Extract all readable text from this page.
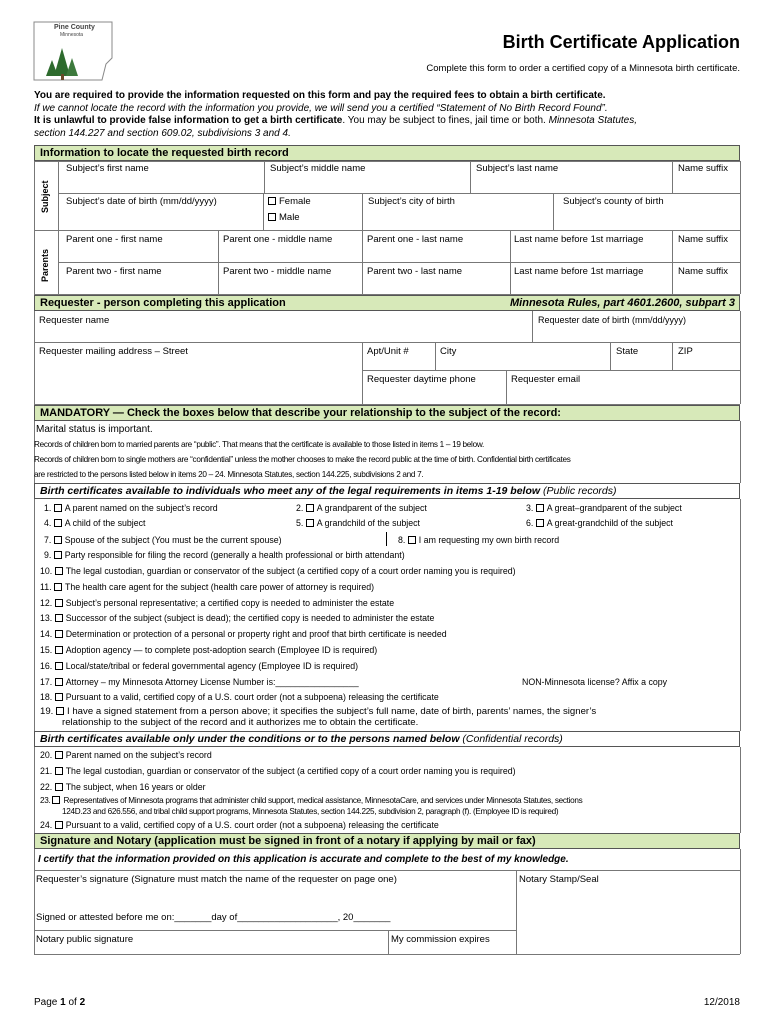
Pine County
Minnesota	Birth Certificate Application
Complete this form to order a certified copy of a Minnesota birth certificate.
You are required to provide the information requested on this form and pay the required fees to obtain a birth certificate.
If we cannot locate the record with the information you provide, we will send you a certified “Statement of No Birth Record Found”.
It is unlawful to provide false information to get a birth certificate. You may be subject to fines, jail time or both. Minnesota Statutes,
section 144.227 and section 609.02, subdivisions 3 and 4.
Information to locate the requested birth record
Subject
Parents
Subject’s first name	Subject’s middle name	Subject’s last name	Name suffix
Subject’s date of birth (mm/dd/yyyy)	Female
Male
Subject’s city of birth	Subject’s county of birth
Parent one - first name	Parent one - middle name	Parent one - last name	Last name before 1st marriage	Name suffix
Parent two - first name	Parent two - middle name	Parent two - last name	Last name before 1st marriage	Name suffix
Requester - person completing this application	Minnesota Rules, part 4601.2600, subpart 3
Requester name	Requester date of birth (mm/dd/yyyy)
Requester mailing address – Street	Apt/Unit #	City	State	ZIP
Requester daytime phone	Requester email
MANDATORY — Check the boxes below that describe your relationship to the subject of the record:
Marital status is important.
Records of children born to married parents are “public”. That means that the certificate is available to those listed in items 1 – 19 below.
Records of children born to single mothers are “confidential” unless the mother chooses to make the record public at the time of birth. Confidential birth certificates
are restricted to the persons listed below in items 20 – 24. Minnesota Statutes, section 144.225, subdivisions 2 and 7.
Birth certificates available to individuals who meet any of the legal requirements in items 1-19 below (Public records)
1. A parent named on the subject’s record	2. A grandparent of the subject	3. A great–grandparent of the subject
4. A child of the subject	5. A grandchild of the subject	6. A great-grandchild of the subject
7. Spouse of the subject (You must be the current spouse)	8. I am requesting my own birth record
9. Party responsible for filing the record (generally a health professional or birth attendant)
10. The legal custodian, guardian or conservator of the subject (a certified copy of a court order naming you is required)
11. The health care agent for the subject (health care power of attorney is required)
12. Subject’s personal representative; a certified copy is needed to administer the estate
13. Successor of the subject (subject is dead); the certified copy is needed to administer the estate
14. Determination or protection of a personal or property right and proof that birth certificate is needed
15. Adoption agency — to complete post-adoption search (Employee ID is required)
16. Local/state/tribal or federal governmental agency (Employee ID is required)
17. Attorney – my Minnesota Attorney License Number is:_________________	NON-Minnesota license? Affix a copy
18. Pursuant to a valid, certified copy of a U.S. court order (not a subpoena) releasing the certificate
19. I have a signed statement from a person above; it specifies the subject’s full name, date of birth, parents’ names, the signer’s
relationship to the subject of the record and it authorizes me to obtain the certificate.
Birth certificates available only under the conditions or to the persons named below (Confidential records)
20. Parent named on the subject’s record
21. The legal custodian, guardian or conservator of the subject (a certified copy of a court order naming you is required)
22. The subject, when 16 years or older
23. Representatives of Minnesota programs that administer child support, medical assistance, MinnesotaCare, and services under Minnesota Statutes, sections
124D.23 and 626.556, and tribal child support programs, Minnesota Statutes, section 144.225, subdivision 2, paragraph (f). (Employee ID is required)
24. Pursuant to a valid, certified copy of a U.S. court order (not a subpoena) releasing the certificate
Signature and Notary (application must be signed in front of a notary if applying by mail or fax)
I certify that the information provided on this application is accurate and complete to the best of my knowledge.
Requester’s signature (Signature must match the name of the requester on page one)	Notary Stamp/Seal
Signed or attested before me on:_______day of___________________, 20_______
Notary public signature	My commission expires
Page 1 of 2	12/2018
